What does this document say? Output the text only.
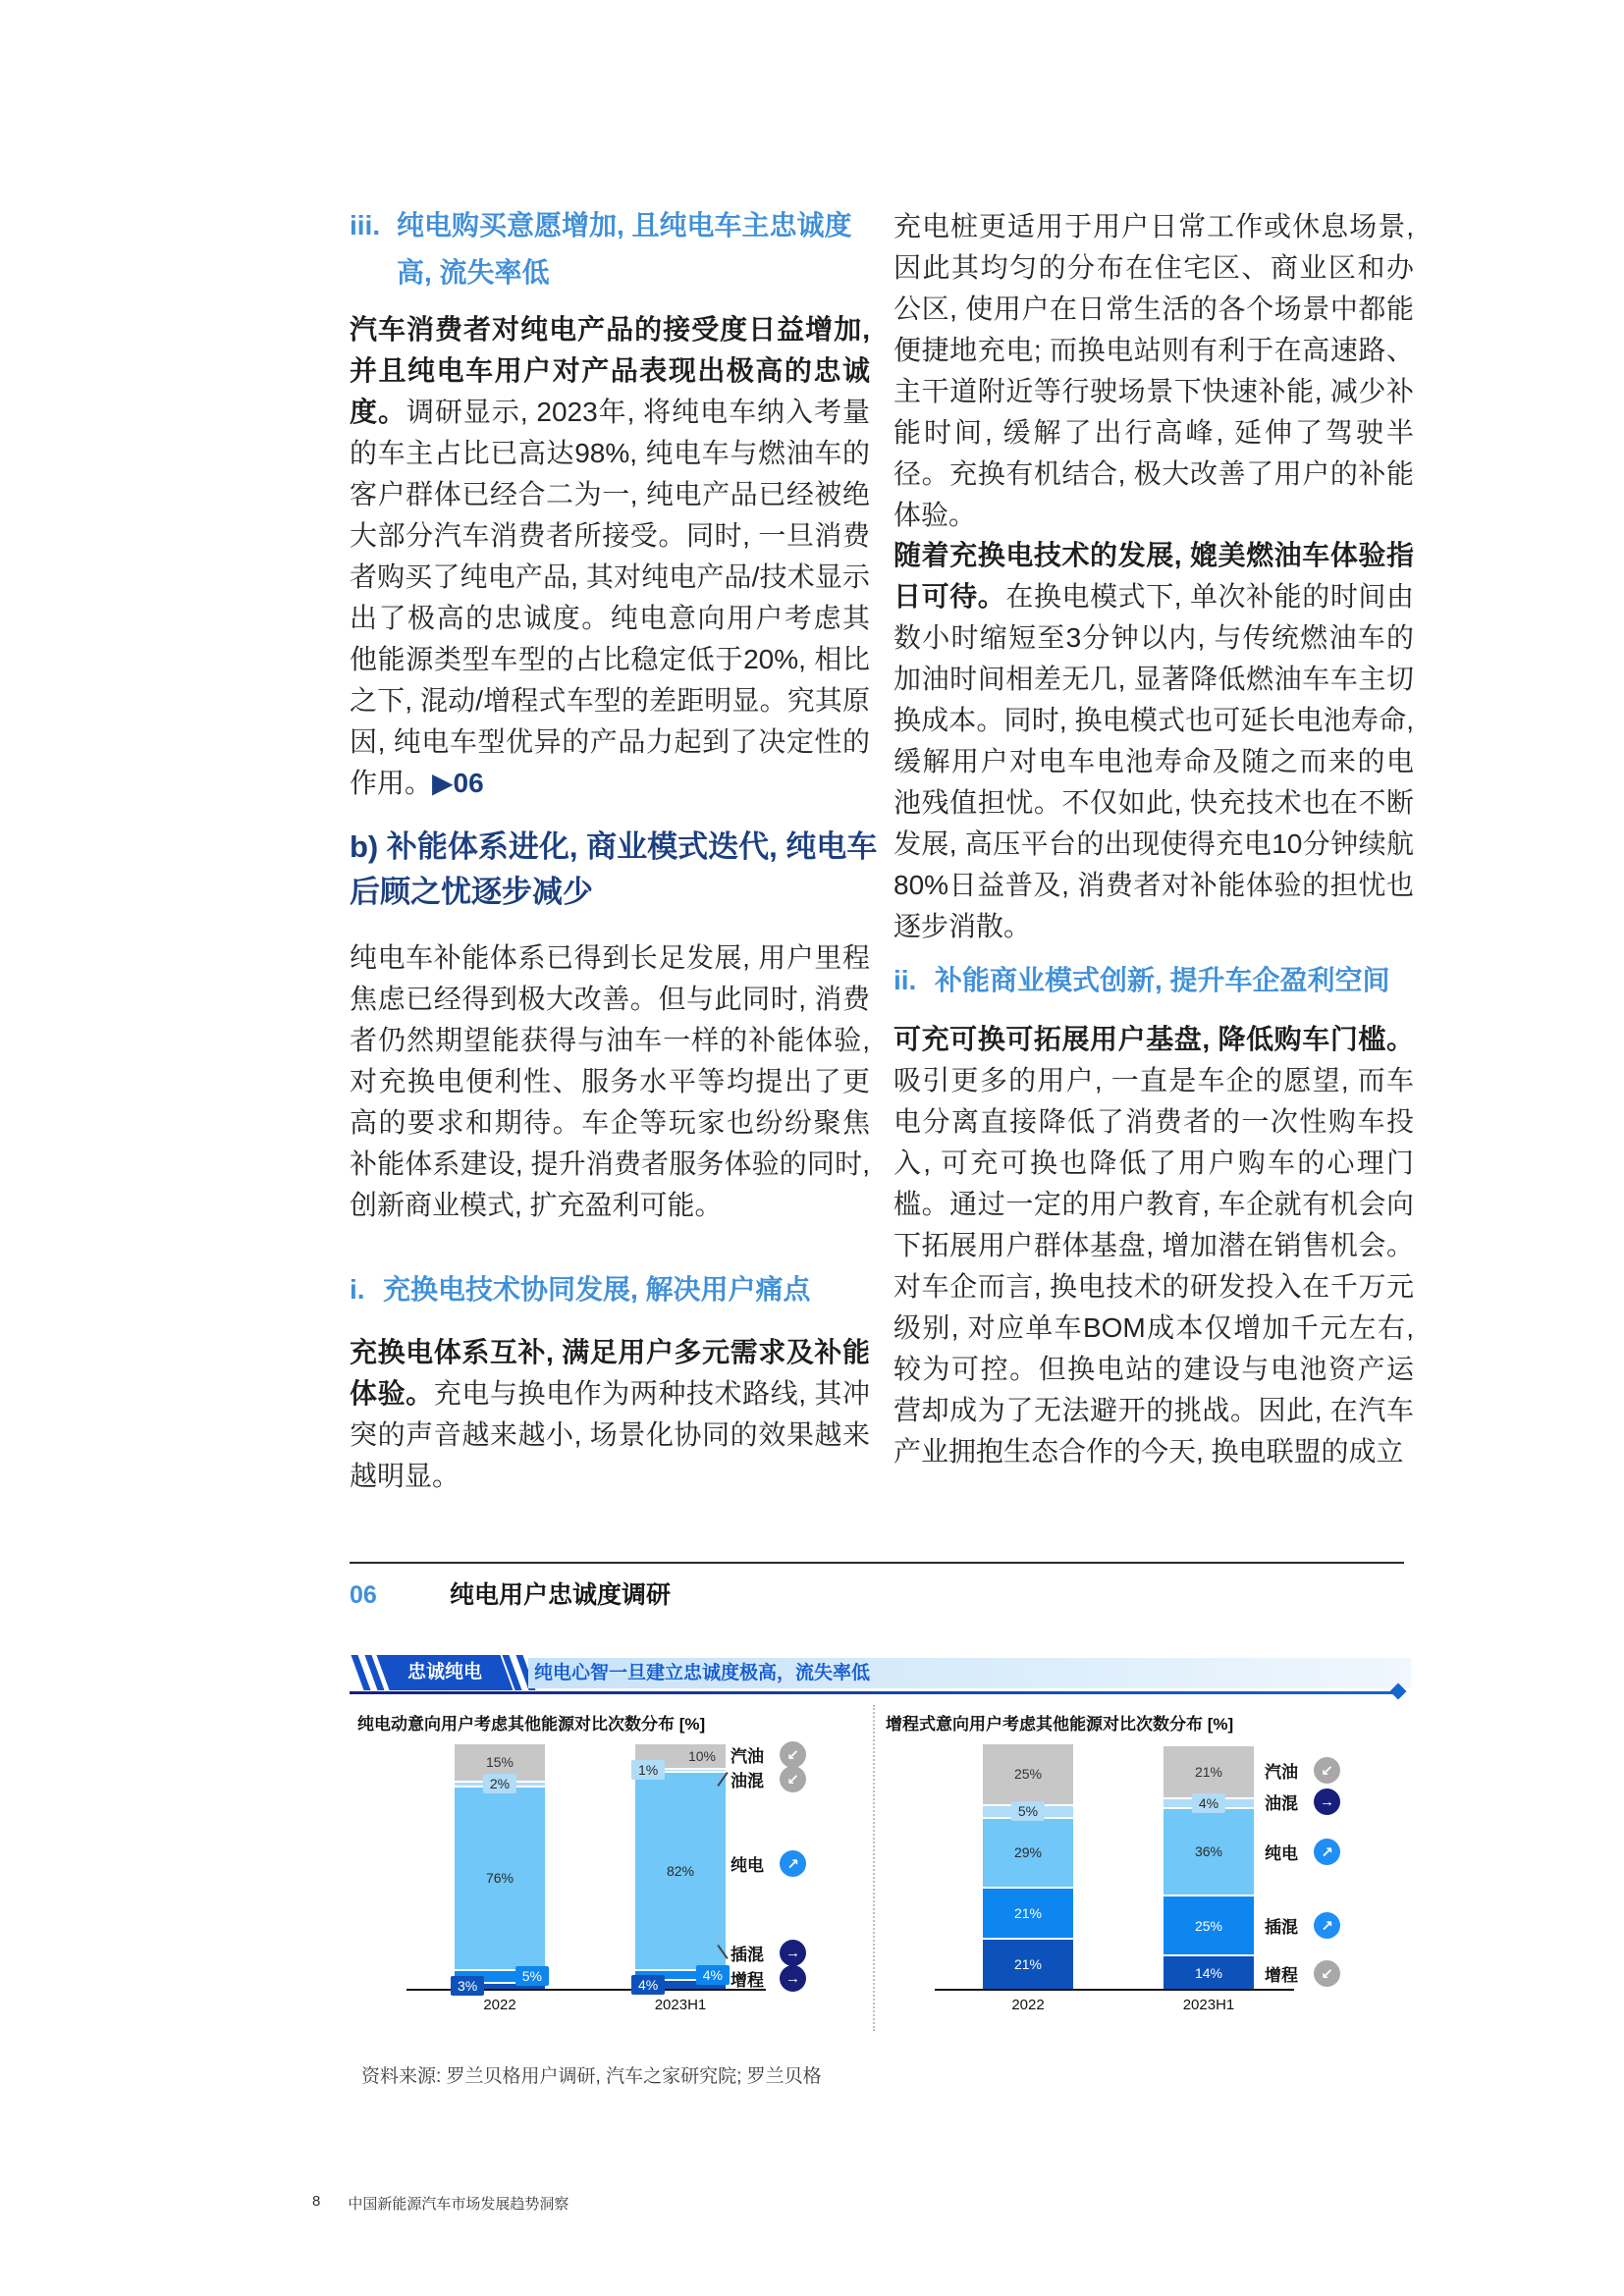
iii. 纯电购买意愿增加, 且纯电车主忠诚度高, 流失率低

汽车消费者对纯电产品的接受度日益增加, 并且纯电车用户对产品表现出极高的忠诚度。调研显示, 2023年, 将纯电车纳入考量的车主占比已高达98%, 纯电车与燃油车的客户群体已经合二为一, 纯电产品已经被绝大部分汽车消费者所接受。同时, 一旦消费者购买了纯电产品, 其对纯电产品/技术显示出了极高的忠诚度。纯电意向用户考虑其他能源类型车型的占比稳定低于20%, 相比之下, 混动/增程式车型的差距明显。究其原因, 纯电车型优异的产品力起到了决定性的作用。▶06

b) 补能体系进化, 商业模式迭代, 纯电车后顾之忧逐步减少

纯电车补能体系已得到长足发展, 用户里程焦虑已经得到极大改善。但与此同时, 消费者仍然期望能获得与油车一样的补能体验, 对充换电便利性、服务水平等均提出了更高的要求和期待。车企等玩家也纷纷聚焦补能体系建设, 提升消费者服务体验的同时, 创新商业模式, 扩充盈利可能。

i. 充换电技术协同发展, 解决用户痛点

充换电体系互补, 满足用户多元需求及补能体验。充电与换电作为两种技术路线, 其冲突的声音越来越小, 场景化协同的效果越来越明显。

充电桩更适用于用户日常工作或休息场景, 因此其均匀的分布在住宅区、商业区和办公区, 使用户在日常生活的各个场景中都能便捷地充电; 而换电站则有利于在高速路、主干道附近等行驶场景下快速补能, 减少补能时间, 缓解了出行高峰, 延伸了驾驶半径。充换有机结合, 极大改善了用户的补能体验。

随着充换电技术的发展, 媲美燃油车体验指日可待。在换电模式下, 单次补能的时间由数小时缩短至3分钟以内, 与传统燃油车的加油时间相差无几, 显著降低燃油车车主切换成本。同时, 换电模式也可延长电池寿命, 缓解用户对电车电池寿命及随之而来的电池残值担忧。不仅如此, 快充技术也在不断发展, 高压平台的出现使得充电10分钟续航80%日益普及, 消费者对补能体验的担忧也逐步消散。

ii. 补能商业模式创新, 提升车企盈利空间

可充可换可拓展用户基盘, 降低购车门槛。吸引更多的用户, 一直是车企的愿望, 而车电分离直接降低了消费者的一次性购车投入, 可充可换也降低了用户购车的心理门槛。通过一定的用户教育, 车企就有机会向下拓展用户群体基盘, 增加潜在销售机会。对车企而言, 换电技术的研发投入在千万元级别, 对应单车BOM成本仅增加千元左右, 较为可控。但换电站的建设与电池资产运营却成为了无法避开的挑战。因此, 在汽车产业拥抱生态合作的今天, 换电联盟的成立

06	纯电用户忠诚度调研
忠诚纯电	纯电心智一旦建立忠诚度极高，流失率低
纯电动意向用户考虑其他能源对比次数分布 [%]
15%
2%
76%
5%
3%
10%
1%
82%
4%
4%
2022	2023H1
汽油	↙
油混	↙
纯电	↗
插混	→
增程	→
增程式意向用户考虑其他能源对比次数分布 [%]
25%
5%
29%
21%
21%
21%
4%
36%
25%
14%
2022	2023H1
汽油	↙
油混	→
纯电	↗
插混	↗
增程	↙

资料来源: 罗兰贝格用户调研, 汽车之家研究院; 罗兰贝格

8 中国新能源汽车市场发展趋势洞察
